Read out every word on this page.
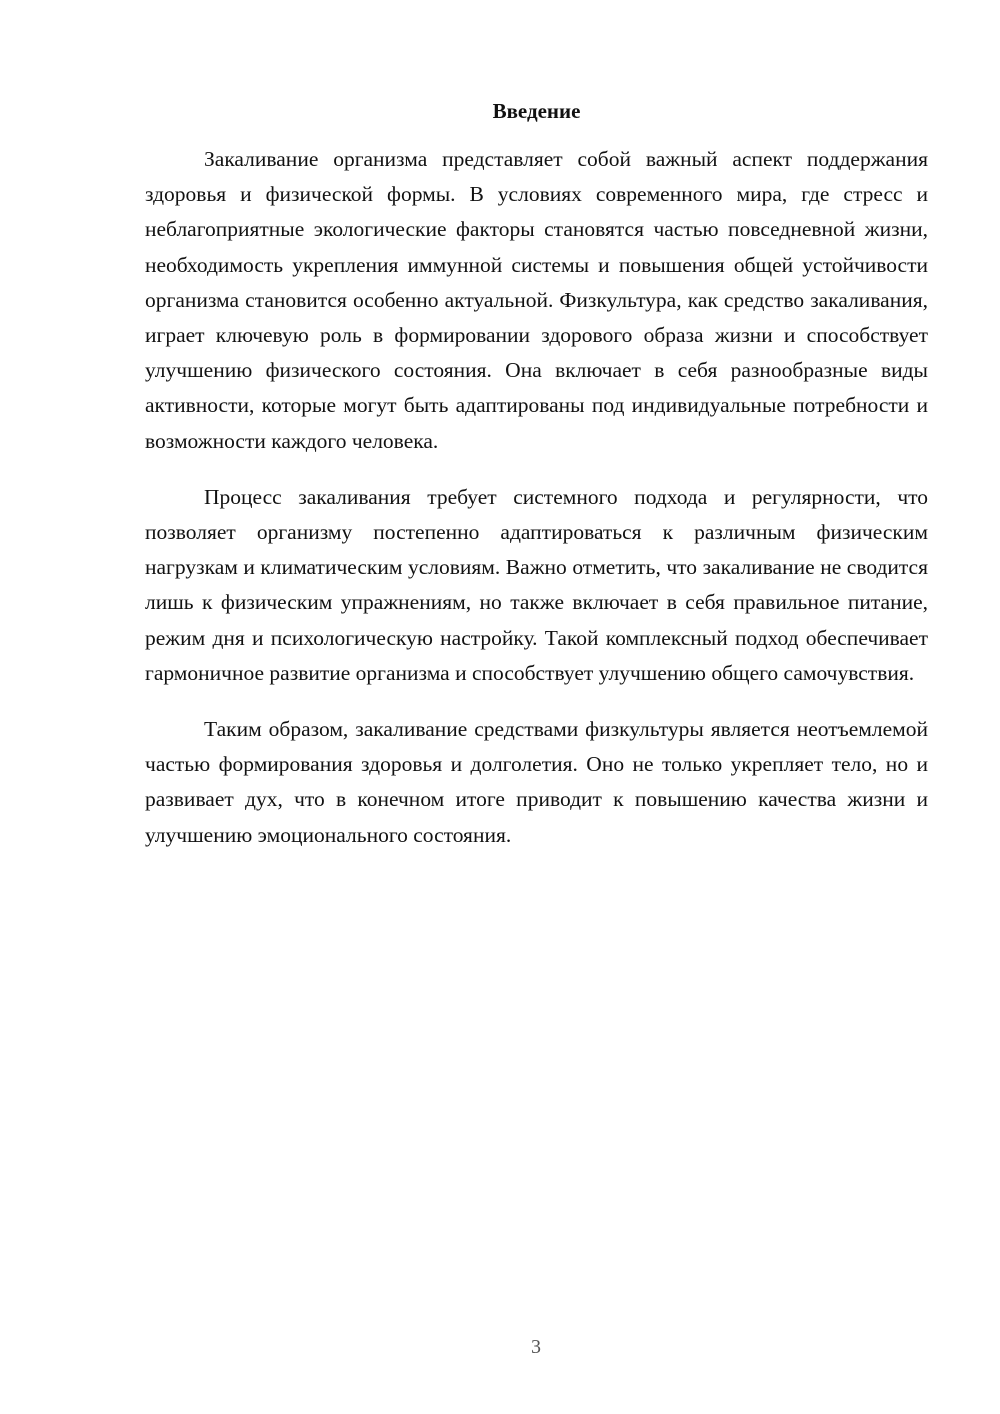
Введение

Закаливание организма представляет собой важный аспект поддержания здоровья и физической формы. В условиях современного мира, где стресс и неблагоприятные экологические факторы становятся частью повседневной жизни, необходимость укрепления иммунной системы и повышения общей устойчивости организма становится особенно актуальной. Физкультура, как средство закаливания, играет ключевую роль в формировании здорового образа жизни и способствует улучшению физического состояния. Она включает в себя разнообразные виды активности, которые могут быть адаптированы под индивидуальные потребности и возможности каждого человека.

Процесс закаливания требует системного подхода и регулярности, что позволяет организму постепенно адаптироваться к различным физическим нагрузкам и климатическим условиям. Важно отметить, что закаливание не сводится лишь к физическим упражнениям, но также включает в себя правильное питание, режим дня и психологическую настройку. Такой комплексный подход обеспечивает гармоничное развитие организма и способствует улучшению общего самочувствия.

Таким образом, закаливание средствами физкультуры является неотъемлемой частью формирования здоровья и долголетия. Оно не только укрепляет тело, но и развивает дух, что в конечном итоге приводит к повышению качества жизни и улучшению эмоционального состояния.

3
